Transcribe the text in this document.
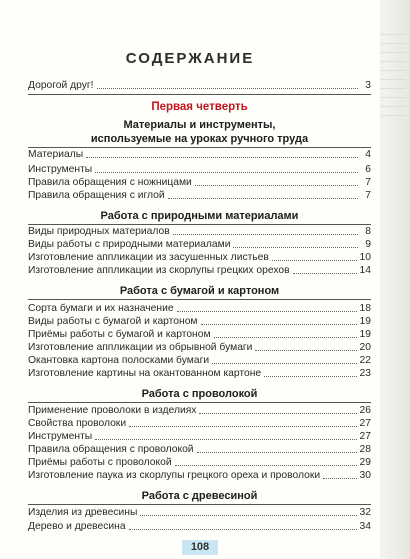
СОДЕРЖАНИЕ
Дорогой друг!	3
Первая четверть
Материалы и инструменты,
используемые на уроках ручного труда
Материалы	4
Инструменты	6
Правила обращения с ножницами	7
Правила обращения с иглой	7
Работа с природными материалами
Виды природных материалов	8
Виды работы с природными материалами	9
Изготовление аппликации из засушенных листьев	10
Изготовление аппликации из скорлупы грецких орехов	14
Работа с бумагой и картоном
Сорта бумаги и их назначение	18
Виды работы с бумагой и картоном	19
Приёмы работы с бумагой и картоном	19
Изготовление аппликации из обрывной бумаги	20
Окантовка картона полосками бумаги	22
Изготовление картины на окантованном картоне	23
Работа с проволокой
Применение проволоки в изделиях	26
Свойства проволоки	27
Инструменты	27
Правила обращения с проволокой	28
Приёмы работы с проволокой	29
Изготовление паука из скорлупы грецкого ореха и проволоки	30
Работа с древесиной
Изделия из древесины	32
Дерево и древесина	34
108
